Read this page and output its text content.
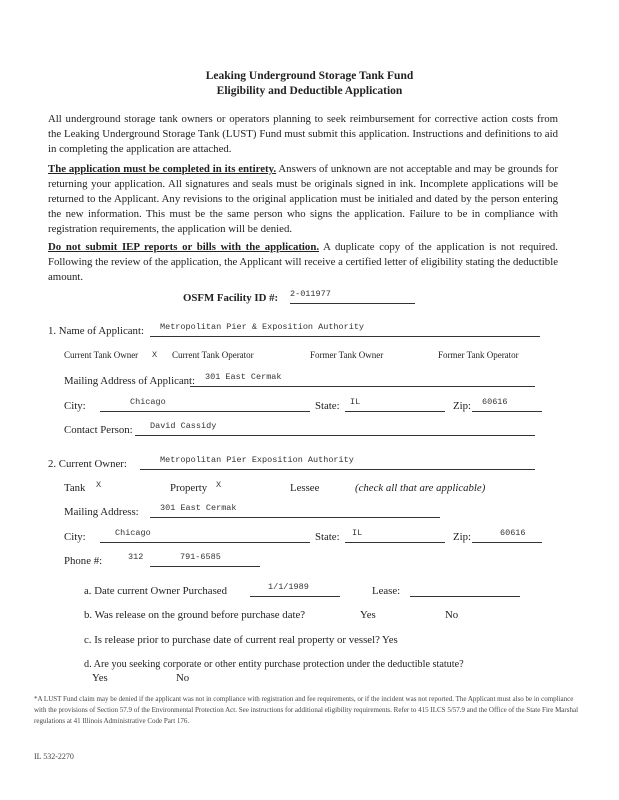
Leaking Underground Storage Tank Fund
Eligibility and Deductible Application
All underground storage tank owners or operators planning to seek reimbursement for corrective action costs from the Leaking Underground Storage Tank (LUST) Fund must submit this application. Instructions and definitions to aid in completing the application are attached.
The application must be completed in its entirety. Answers of unknown are not acceptable and may be grounds for returning your application. All signatures and seals must be originals signed in ink. Incomplete applications will be returned to the Applicant. Any revisions to the original application must be initialed and dated by the person entering the new information. This must be the same person who signs the application. Failure to be in compliance with registration requirements, the application will be denied.
Do not submit IEP reports or bills with the application. A duplicate copy of the application is not required. Following the review of the application, the Applicant will receive a certified letter of eligibility stating the deductible amount.
OSFM Facility ID #: 2-011977
1. Name of Applicant: Metropolitan Pier & Exposition Authority
Current Tank Owner X Current Tank Operator	Former Tank Owner	Former Tank Operator
Mailing Address of Applicant: 301 East Cermak
City:	Chicago	State: IL	Zip: 60616
Contact Person: David Cassidy
2. Current Owner:	Metropolitan Pier Exposition Authority
Tank X	Property X	Lessee	(check all that are applicable)
Mailing Address:	301 East Cermak
City:	Chicago	State: IL	Zip:	60616
Phone #:	312	791-6585
a. Date current Owner Purchased	1/1/1989	Lease:
b. Was release on the ground before purchase date?	Yes	No
c. Is release prior to purchase date of current real property or vessel? Yes
d. Are you seeking corporate or other entity purchase protection under the deductible statute?
Yes	No
*A LUST Fund claim may be denied if the applicant was not in compliance with registration and fee requirements, or if the incident was not reported. The Applicant must also be in compliance with the provisions of Section 57.9 of the Environmental Protection Act. See instructions for additional eligibility requirements. Refer to 415 ILCS 5/57.9 and the Office of the State Fire Marshal regulations at 41 Illinois Administrative Code Part 176.
IL 532-2270
